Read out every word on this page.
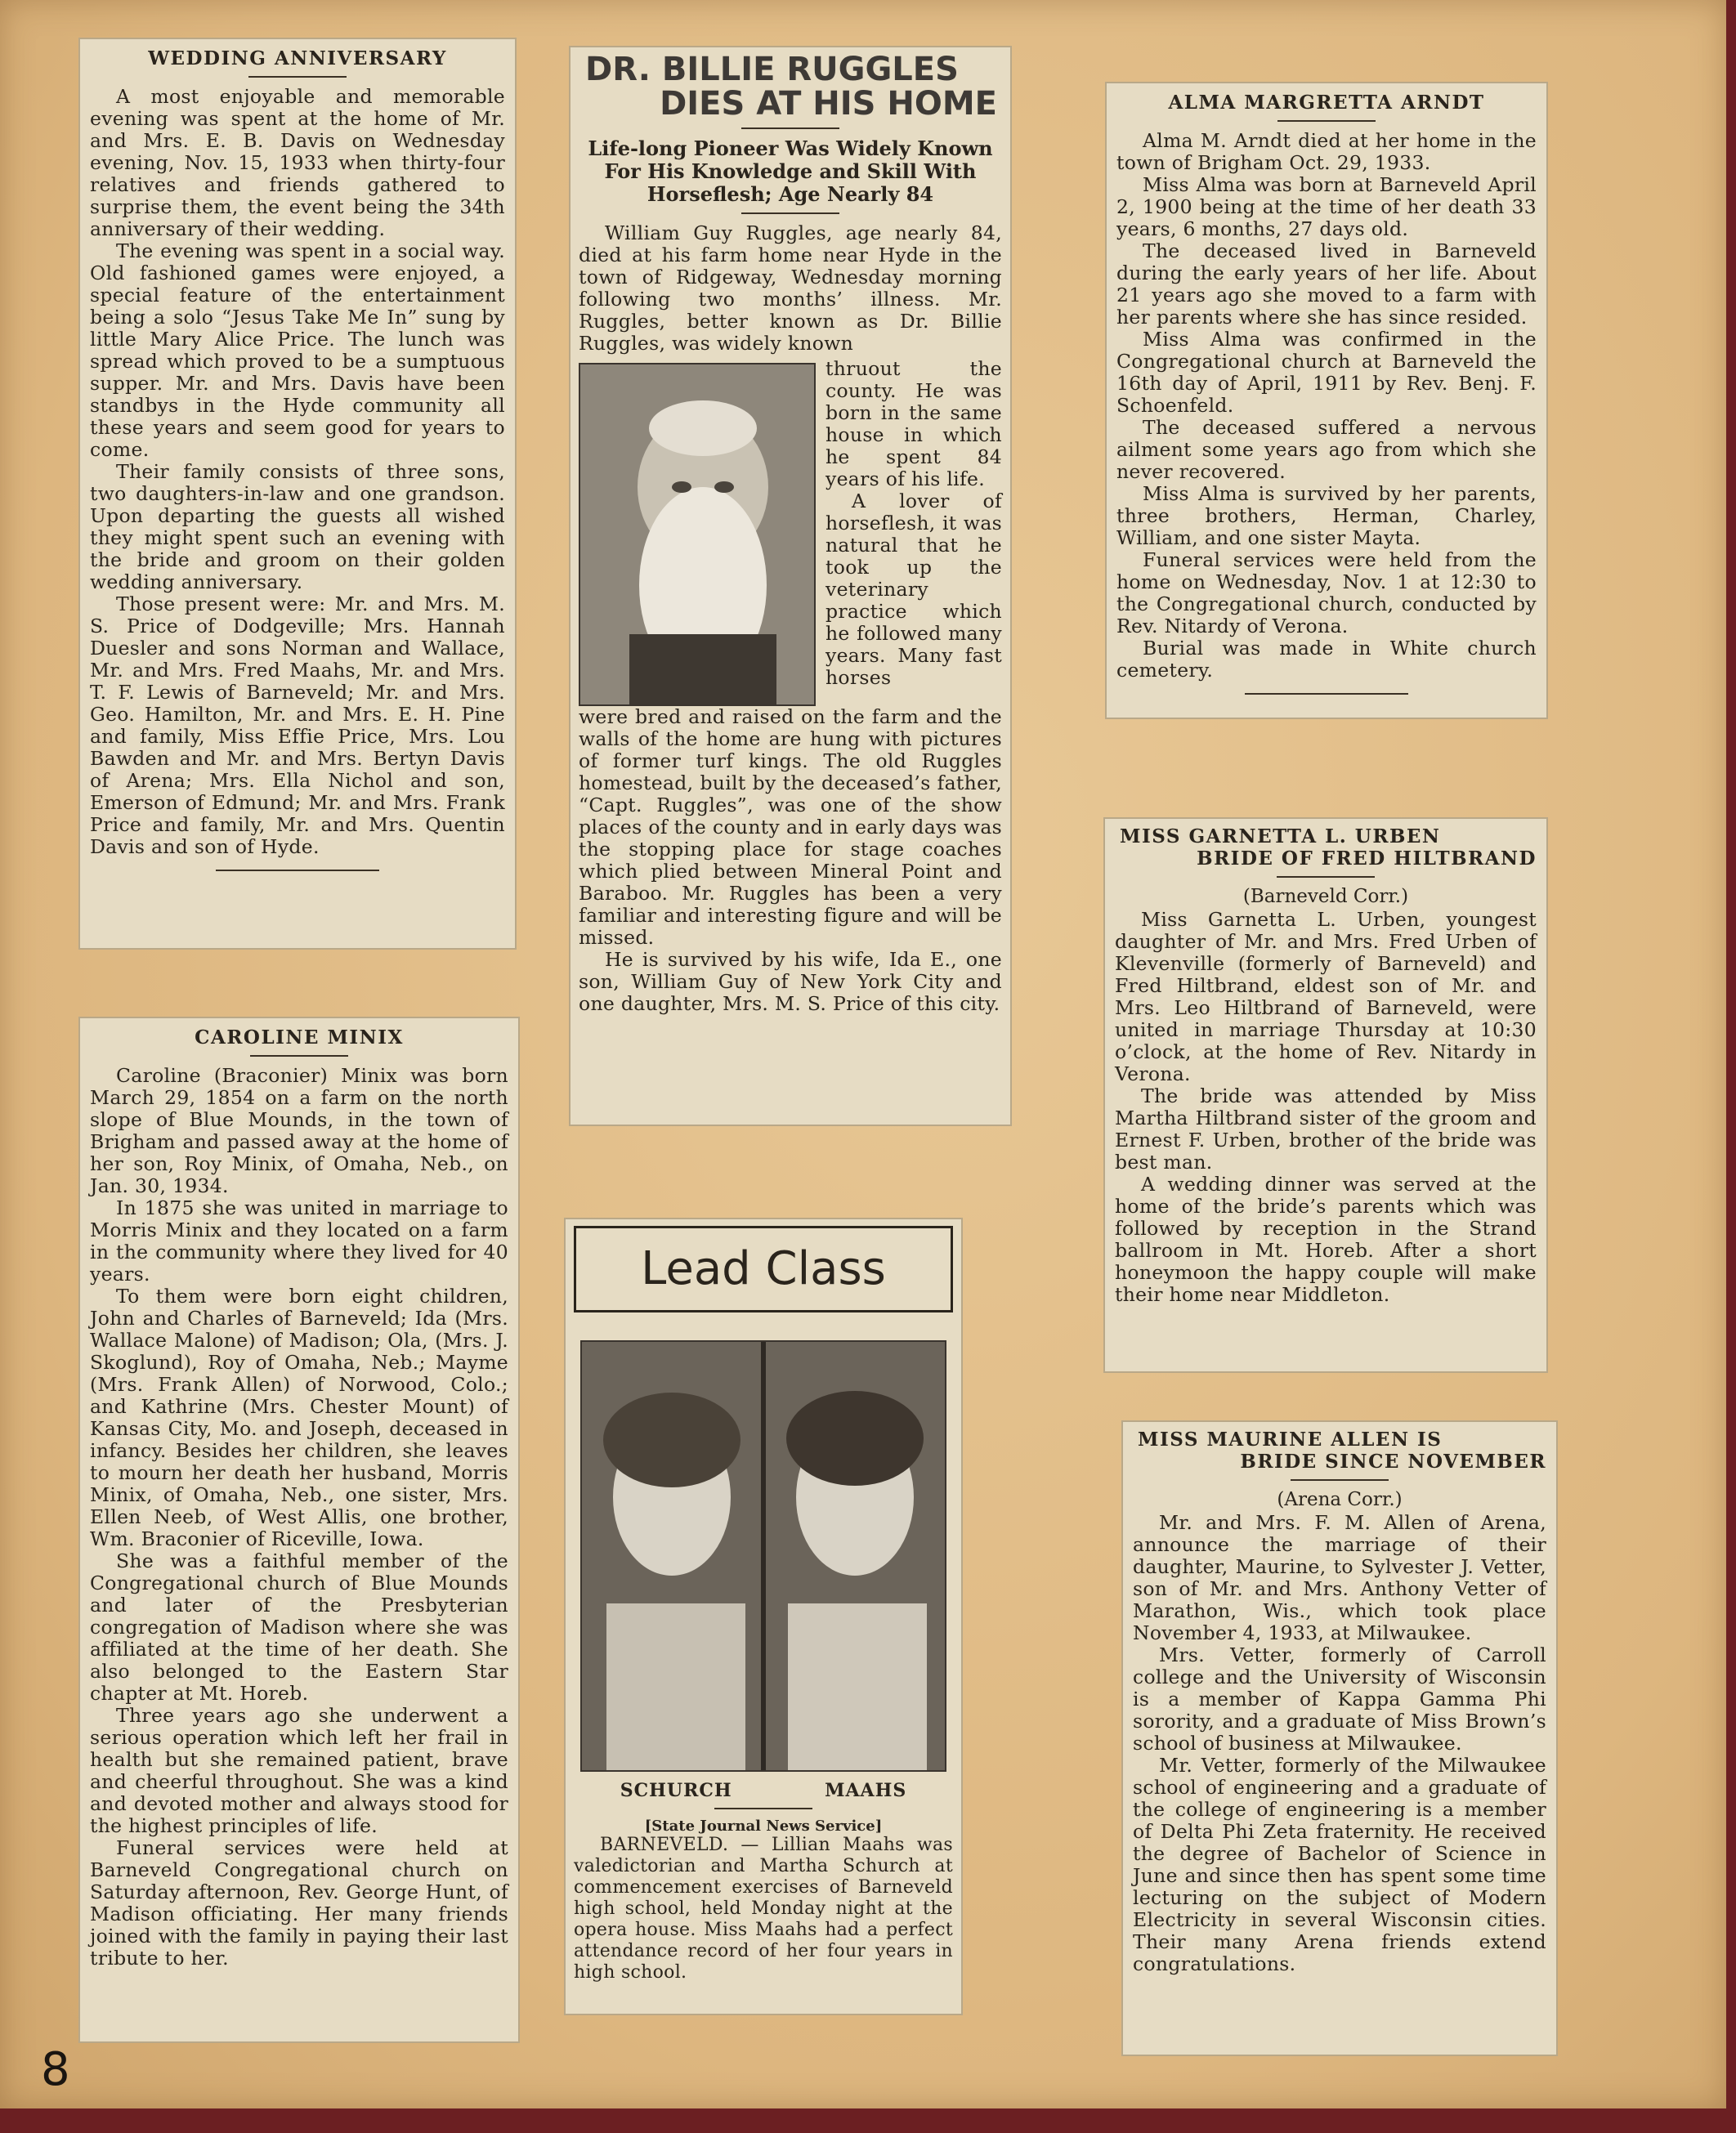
WEDDING ANNIVERSARY

A most enjoyable and memorable evening was spent at the home of Mr. and Mrs. E. B. Davis on Wednesday evening, Nov. 15, 1933 when thirty-four relatives and friends gathered to surprise them, the event being the 34th anniversary of their wedding.

The evening was spent in a social way. Old fashioned games were enjoyed, a special feature of the entertainment being a solo “Jesus Take Me In” sung by little Mary Alice Price. The lunch was spread which proved to be a sumptuous supper. Mr. and Mrs. Davis have been standbys in the Hyde community all these years and seem good for years to come.

Their family consists of three sons, two daughters-in-law and one grandson. Upon departing the guests all wished they might spent such an evening with the bride and groom on their golden wedding anniversary.

Those present were: Mr. and Mrs. M. S. Price of Dodgeville; Mrs. Hannah Duesler and sons Norman and Wallace, Mr. and Mrs. Fred Maahs, Mr. and Mrs. T. F. Lewis of Barneveld; Mr. and Mrs. Geo. Hamilton, Mr. and Mrs. E. H. Pine and family, Miss Effie Price, Mrs. Lou Bawden and Mr. and Mrs. Bertyn Davis of Arena; Mrs. Ella Nichol and son, Emerson of Edmund; Mr. and Mrs. Frank Price and family, Mr. and Mrs. Quentin Davis and son of Hyde.

CAROLINE MINIX

Caroline (Braconier) Minix was born March 29, 1854 on a farm on the north slope of Blue Mounds, in the town of Brigham and passed away at the home of her son, Roy Minix, of Omaha, Neb., on Jan. 30, 1934.

In 1875 she was united in marriage to Morris Minix and they located on a farm in the community where they lived for 40 years.

To them were born eight children, John and Charles of Barneveld; Ida (Mrs. Wallace Malone) of Madison; Ola, (Mrs. J. Skoglund), Roy of Omaha, Neb.; Mayme (Mrs. Frank Allen) of Norwood, Colo.; and Kathrine (Mrs. Chester Mount) of Kansas City, Mo. and Joseph, deceased in infancy. Besides her children, she leaves to mourn her death her husband, Morris Minix, of Omaha, Neb., one sister, Mrs. Ellen Neeb, of West Allis, one brother, Wm. Braconier of Riceville, Iowa.

She was a faithful member of the Congregational church of Blue Mounds and later of the Presbyterian congregation of Madison where she was affiliated at the time of her death. She also belonged to the Eastern Star chapter at Mt. Horeb.

Three years ago she underwent a serious operation which left her frail in health but she remained patient, brave and cheerful throughout. She was a kind and devoted mother and always stood for the highest principles of life.

Funeral services were held at Barneveld Congregational church on Saturday afternoon, Rev. George Hunt, of Madison officiating. Her many friends joined with the family in paying their last tribute to her.

DR. BILLIE RUGGLES
DIES AT HIS HOME
Life-long Pioneer Was Widely Known For His Knowledge and Skill With Horseflesh; Age Nearly 84

William Guy Ruggles, age nearly 84, died at his farm home near Hyde in the town of Ridgeway, Wednesday morning following two months’ illness. Mr. Ruggles, better known as Dr. Billie Ruggles, was widely known

thruout the county. He was born in the same house in which he spent 84 years of his life.

A lover of horseflesh, it was natural that he took up the veterinary practice which he followed many years. Many fast horses

were bred and raised on the farm and the walls of the home are hung with pictures of former turf kings. The old Ruggles homestead, built by the deceased’s father, “Capt. Ruggles”, was one of the show places of the county and in early days was the stopping place for stage coaches which plied between Mineral Point and Baraboo. Mr. Ruggles has been a very familiar and interesting figure and will be missed.

He is survived by his wife, Ida E., one son, William Guy of New York City and one daughter, Mrs. M. S. Price of this city.

Lead Class
SCHURCH	MAAHS
[State Journal News Service]

BARNEVELD. — Lillian Maahs was valedictorian and Martha Schurch at commencement exercises of Barneveld high school, held Monday night at the opera house. Miss Maahs had a perfect attendance record of her four years in high school.

ALMA MARGRETTA ARNDT

Alma M. Arndt died at her home in the town of Brigham Oct. 29, 1933.

Miss Alma was born at Barneveld April 2, 1900 being at the time of her death 33 years, 6 months, 27 days old.

The deceased lived in Barneveld during the early years of her life. About 21 years ago she moved to a farm with her parents where she has since resided.

Miss Alma was confirmed in the Congregational church at Barneveld the 16th day of April, 1911 by Rev. Benj. F. Schoenfeld.

The deceased suffered a nervous ailment some years ago from which she never recovered.

Miss Alma is survived by her parents, three brothers, Herman, Charley, William, and one sister Mayta.

Funeral services were held from the home on Wednesday, Nov. 1 at 12:30 to the Congregational church, conducted by Rev. Nitardy of Verona.

Burial was made in White church cemetery.

MISS GARNETTA L. URBEN
BRIDE OF FRED HILTBRAND
(Barneveld Corr.)

Miss Garnetta L. Urben, youngest daughter of Mr. and Mrs. Fred Urben of Klevenville (formerly of Barneveld) and Fred Hiltbrand, eldest son of Mr. and Mrs. Leo Hiltbrand of Barneveld, were united in marriage Thursday at 10:30 o’clock, at the home of Rev. Nitardy in Verona.

The bride was attended by Miss Martha Hiltbrand sister of the groom and Ernest F. Urben, brother of the bride was best man.

A wedding dinner was served at the home of the bride’s parents which was followed by reception in the Strand ballroom in Mt. Horeb. After a short honeymoon the happy couple will make their home near Middleton.

MISS MAURINE ALLEN IS
BRIDE SINCE NOVEMBER
(Arena Corr.)

Mr. and Mrs. F. M. Allen of Arena, announce the marriage of their daughter, Maurine, to Sylvester J. Vetter, son of Mr. and Mrs. Anthony Vetter of Marathon, Wis., which took place November 4, 1933, at Milwaukee.

Mrs. Vetter, formerly of Carroll college and the University of Wisconsin is a member of Kappa Gamma Phi sorority, and a graduate of Miss Brown’s school of business at Milwaukee.

Mr. Vetter, formerly of the Milwaukee school of engineering and a graduate of the college of engineering is a member of Delta Phi Zeta fraternity. He received the degree of Bachelor of Science in June and since then has spent some time lecturing on the subject of Modern Electricity in several Wisconsin cities. Their many Arena friends extend congratulations.

8
